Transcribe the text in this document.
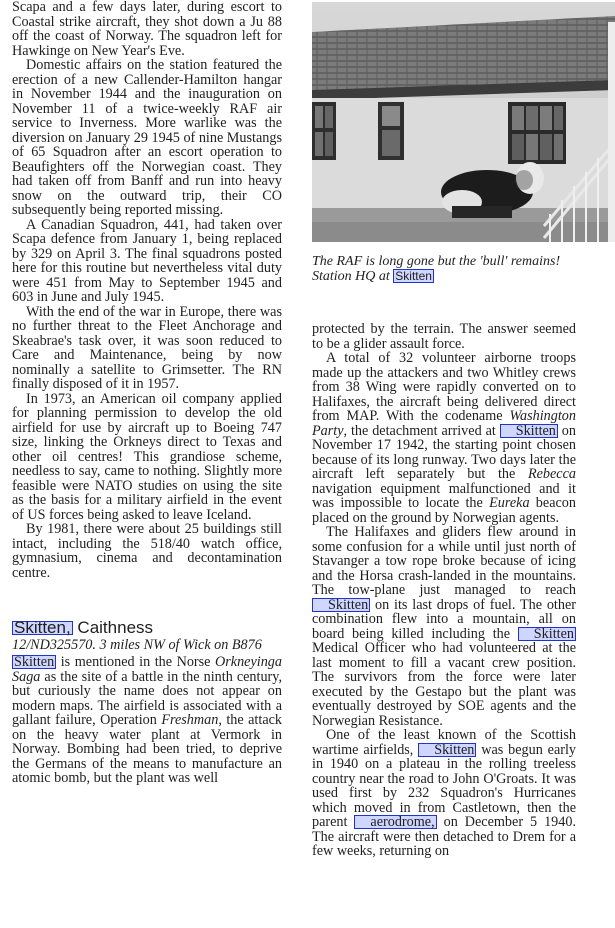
Scapa and a few days later, during escort to Coastal strike aircraft, they shot down a Ju 88 off the coast of Norway. The squadron left for Hawkinge on New Year's Eve.

Domestic affairs on the station featured the erection of a new Callender-Hamilton hangar in November 1944 and the inauguration on November 11 of a twice-weekly RAF air service to Inverness. More warlike was the diversion on January 29 1945 of nine Mustangs of 65 Squadron after an escort operation to Beaufighters off the Norwegian coast. They had taken off from Banff and run into heavy snow on the outward trip, their CO subsequently being reported missing.

A Canadian Squadron, 441, had taken over Scapa defence from January 1, being replaced by 329 on April 3. The final squadrons posted here for this routine but nevertheless vital duty were 451 from May to September 1945 and 603 in June and July 1945.

With the end of the war in Europe, there was no further threat to the Fleet Anchorage and Skeabrae's task over, it was soon reduced to Care and Maintenance, being by now nominally a satellite to Grimsetter. The RN finally disposed of it in 1957.

In 1973, an American oil company applied for planning permission to develop the old airfield for use by aircraft up to Boeing 747 size, linking the Orkneys direct to Texas and other oil centres! This grandiose scheme, needless to say, came to nothing. Slightly more feasible were NATO studies on using the site as the basis for a military airfield in the event of US forces being asked to leave Iceland.

By 1981, there were about 25 buildings still intact, including the 518/40 watch office, gymnasium, cinema and decontamination centre.

Skitten, Caithness
12/ND325570. 3 miles NW of Wick on B876

Skitten is mentioned in the Norse Orkneyinga Saga as the site of a battle in the ninth century, but curiously the name does not appear on modern maps. The airfield is associated with a gallant failure, Operation Freshman, the attack on the heavy water plant at Vermork in Norway. Bombing had been tried, to deprive the Germans of the means to manufacture an atomic bomb, but the plant was well

The RAF is long gone but the 'bull' remains! Station HQ at Skitten

protected by the terrain. The answer seemed to be a glider assault force.

A total of 32 volunteer airborne troops made up the attackers and two Whitley crews from 38 Wing were rapidly converted on to Halifaxes, the aircraft being delivered direct from MAP. With the codename Washington Party, the detachment arrived at Skitten on November 17 1942, the starting point chosen because of its long runway. Two days later the aircraft left separately but the Rebecca navigation equipment malfunctioned and it was impossible to locate the Eureka beacon placed on the ground by Norwegian agents.

The Halifaxes and gliders flew around in some confusion for a while until just north of Stavanger a tow rope broke because of icing and the Horsa crash-landed in the mountains. The tow-plane just managed to reach Skitten on its last drops of fuel. The other combination flew into a mountain, all on board being killed including the Skitten Medical Officer who had volunteered at the last moment to fill a vacant crew position. The survivors from the force were later executed by the Gestapo but the plant was eventually destroyed by SOE agents and the Norwegian Resistance.

One of the least known of the Scottish wartime airfields, Skitten was begun early in 1940 on a plateau in the rolling treeless country near the road to John O'Groats. It was used first by 232 Squadron's Hurricanes which moved in from Castletown, then the parent aerodrome, on December 5 1940. The aircraft were then detached to Drem for a few weeks, returning on
